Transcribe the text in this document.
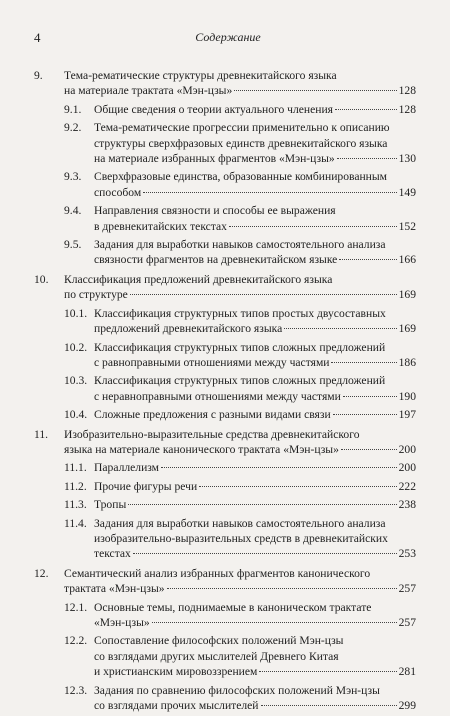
4	Содержание
9. Тема-рематические структуры древнекитайского языка
на материале трактата «Мэн-цзы»	128
9.1. Общие сведения о теории актуального членения	128
9.2. Тема-рематические прогрессии применительно к описанию
структуры сверхфразовых единств древнекитайского языка
на материале избранных фрагментов «Мэн-цзы»	130
9.3. Сверхфразовые единства, образованные комбинированным
способом	149
9.4. Направления связности и способы ее выражения
в древнекитайских текстах	152
9.5. Задания для выработки навыков самостоятельного анализа
связности фрагментов на древнекитайском языке	166
10. Классификация предложений древнекитайского языка
по структуре	169
10.1. Классификация структурных типов простых двусоставных
предложений древнекитайского языка	169
10.2. Классификация структурных типов сложных предложений
с равноправными отношениями между частями	186
10.3. Классификация структурных типов сложных предложений
с неравноправными отношениями между частями	190
10.4. Сложные предложения с разными видами связи	197
11. Изобразительно-выразительные средства древнекитайского
языка на материале канонического трактата «Мэн-цзы»	200
11.1. Параллелизм	200
11.2. Прочие фигуры речи	222
11.3. Тропы	238
11.4. Задания для выработки навыков самостоятельного анализа
изобразительно-выразительных средств в древнекитайских
текстах	253
12. Семантический анализ избранных фрагментов канонического
трактата «Мэн-цзы»	257
12.1. Основные темы, поднимаемые в каноническом трактате
«Мэн-цзы»	257
12.2. Сопоставление философских положений Мэн-цзы
со взглядами других мыслителей Древнего Китая
и христианским мировоззрением	281
12.3. Задания по сравнению философских положений Мэн-цзы
со взглядами прочих мыслителей	299
